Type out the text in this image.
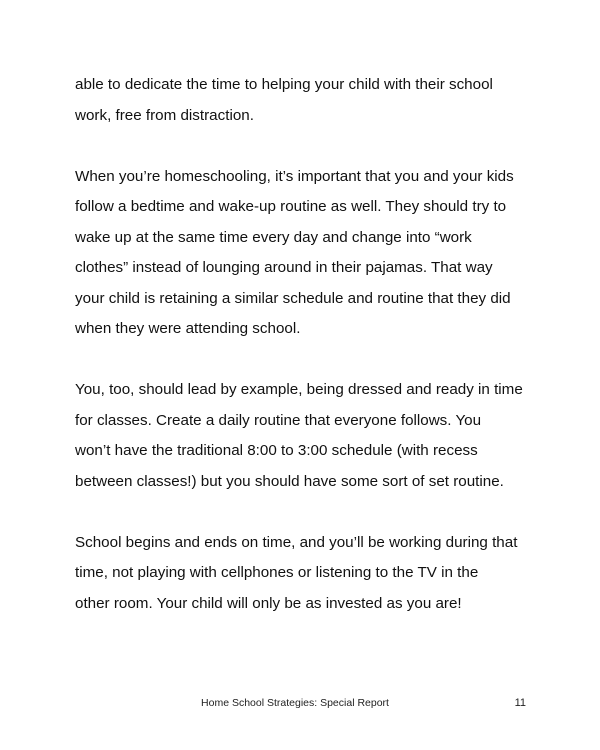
able to dedicate the time to helping your child with their school
work, free from distraction.
When you’re homeschooling, it’s important that you and your kids
follow a bedtime and wake-up routine as well. They should try to
wake up at the same time every day and change into “work
clothes” instead of lounging around in their pajamas. That way
your child is retaining a similar schedule and routine that they did
when they were attending school.
You, too, should lead by example, being dressed and ready in time
for classes. Create a daily routine that everyone follows. You
won’t have the traditional 8:00 to 3:00 schedule (with recess
between classes!) but you should have some sort of set routine.
School begins and ends on time, and you’ll be working during that
time, not playing with cellphones or listening to the TV in the
other room. Your child will only be as invested as you are!
Home School Strategies: Special Report	11
